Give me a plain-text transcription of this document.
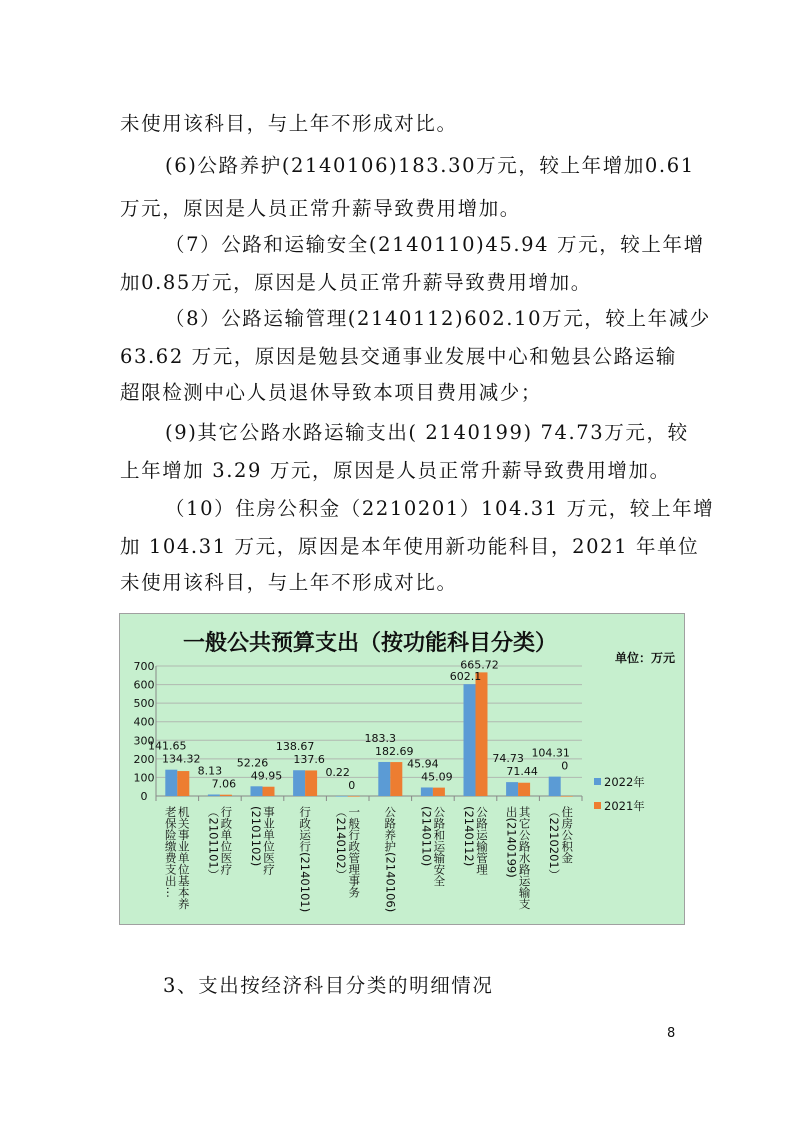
未使用该科目，与上年不形成对比。
(6)公路养护(2140106)183.30万元，较上年增加0.61
万元，原因是人员正常升薪导致费用增加。
（7）公路和运输安全(2140110)45.94 万元，较上年增
加0.85万元，原因是人员正常升薪导致费用增加。
（8）公路运输管理(2140112)602.10万元，较上年减少
63.62 万元，原因是勉县交通事业发展中心和勉县公路运输
超限检测中心人员退休导致本项目费用减少；
(9)其它公路水路运输支出( 2140199) 74.73万元，较
上年增加 3.29 万元，原因是人员正常升薪导致费用增加。
（10）住房公积金（2210201）104.31 万元，较上年增
加 104.31 万元，原因是本年使用新功能科目，2021 年单位
未使用该科目，与上年不形成对比。
一般公共预算支出（按功能科目分类）
单位：万元
0
100
200
300
400
500
600
700
141.65
134.32
机关事业单位基本养
老保险缴费支出…
8.13
7.06
行政单位医疗
（2101101）
52.26
49.95
事业单位医疗
(2101102)
138.67
137.6
行政运行(2140101)
0.22
0
一般行政管理事务
（2140102）
183.3
182.69
公路养护(2140106)
45.94
45.09
公路和运输安全
(2140110)
602.1
665.72
公路运输管理
(2140112)
74.73
71.44
其它公路水路运输支
出(2140199)
104.31
0
住房公积金
（2210201）
2022年
2021年
3、支出按经济科目分类的明细情况
8
